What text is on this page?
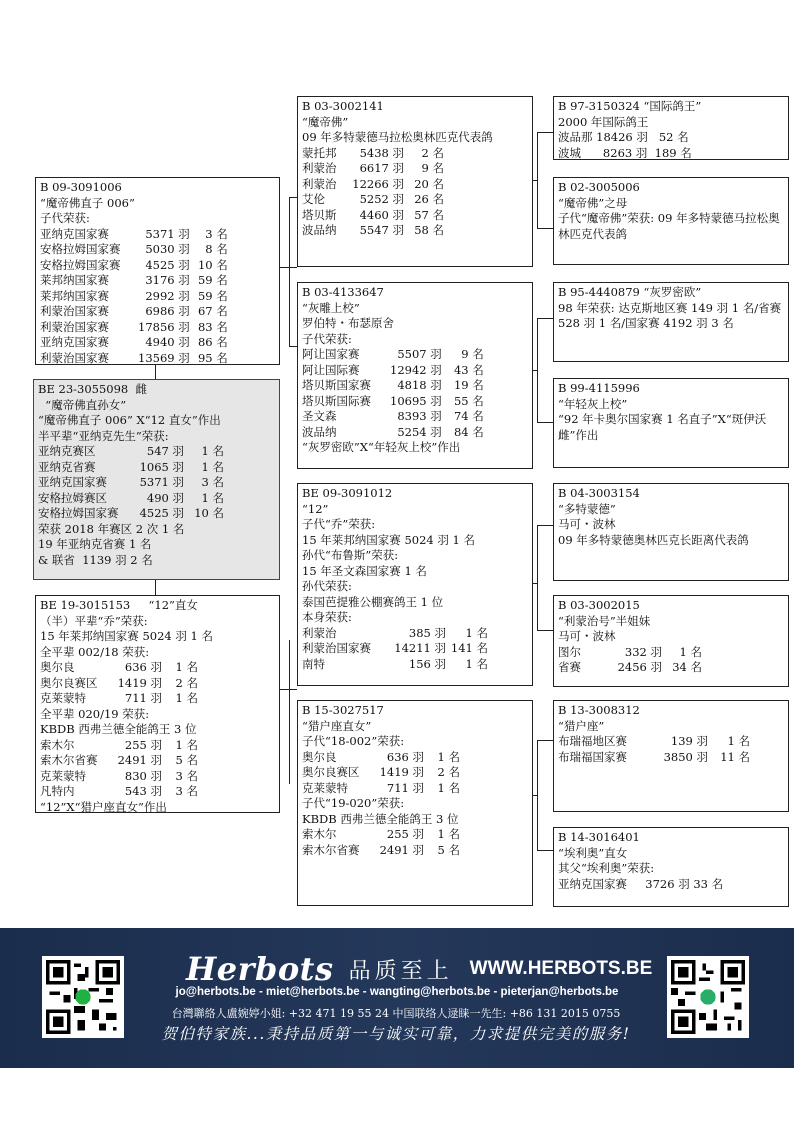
B 09-3091006
“魔帝佛直子 006”
子代荣获:
亚纳克国家赛	5371 羽	3 名
安格拉姆国家赛	5030 羽	8 名
安格拉姆国家赛	4525 羽	10 名
莱邦纳国家赛	3176 羽	59 名
莱邦纳国家赛	2992 羽	59 名
利蒙治国家赛	6986 羽	67 名
利蒙治国家赛	17856 羽	83 名
亚纳克国家赛	4940 羽	86 名
利蒙治国家赛	13569 羽	95 名
BE 23-3055098  雌
“魔帝佛直孙女”
“魔帝佛直子 006” X“12 直女”作出
半平辈“亚纳克先生”荣获:
亚纳克赛区	547 羽	1 名
亚纳克省赛	1065 羽	1 名
亚纳克国家赛	5371 羽	3 名
安格拉姆赛区	490 羽	1 名
安格拉姆国家赛	4525 羽	10 名
荣获 2018 年赛区 2 次 1 名
19 年亚纳克省赛 1 名
& 联省  1139 羽 2 名
BE 19-3015153     “12”直女
（半）平辈“乔”荣获:
15 年莱邦纳国家赛 5024 羽 1 名
全平辈 002/18 荣获:
奥尔良	636 羽	1 名
奥尔良赛区	1419 羽	2 名
克莱蒙特	711 羽	1 名
全平辈 020/19 荣获:
KBDB 西弗兰德全能鸽王 3 位
索木尔	255 羽	1 名
索木尔省赛	2491 羽	5 名
克莱蒙特	830 羽	3 名
凡特内	543 羽	3 名
“12”X“猎户座直女”作出
B 03-3002141
“魔帝佛”
09 年多特蒙德马拉松奥林匹克代表鸽
蒙托邦	5438 羽	2 名
利蒙治	6617 羽	9 名
利蒙治	12266 羽	20 名
艾伦	5252 羽	26 名
塔贝斯	4460 羽	57 名
波品纳	5547 羽	58 名
B 03-4133647
“灰雕上校”
罗伯特・布瑟原舍
子代荣获:
阿让国家赛	5507 羽	9 名
阿让国际赛	12942 羽	43 名
塔贝斯国家赛	4818 羽	19 名
塔贝斯国际赛	10695 羽	55 名
圣文森	8393 羽	74 名
波品纳	5254 羽	84 名
“灰罗密欧”X“年轻灰上校”作出
BE 09-3091012
“12”
子代“乔”荣获:
15 年莱邦纳国家赛 5024 羽 1 名
孙代“布鲁斯”荣获:
15 年圣文森国家赛 1 名
孙代荣获:
泰国芭提雅公棚赛鸽王 1 位
本身荣获:
利蒙治	385 羽	1 名
利蒙治国家赛	14211 羽	141 名
南特	156 羽	1 名
B 15-3027517
“猎户座直女”
子代“18-002”荣获:
奥尔良	636 羽	1 名
奥尔良赛区	1419 羽	2 名
克莱蒙特	711 羽	1 名
子代“19-020”荣获:
KBDB 西弗兰德全能鸽王 3 位
索木尔	255 羽	1 名
索木尔省赛	2491 羽	5 名
B 97-3150324 “国际鸽王”
2000 年国际鸽王
波品那 18426 羽   52 名
波城      8263 羽  189 名
B 02-3005006
“魔帝佛”之母
子代“魔帝佛”荣获: 09 年多特蒙德马拉松奥林匹克代表鸽
B 95-4440879 “灰罗密欧”
98 年荣获: 达克斯地区赛 149 羽 1 名/省赛 528 羽 1 名/国家赛 4192 羽 3 名
B 99-4115996
“年轻灰上校”
“92 年卡奥尔国家赛 1 名直子”X“斑伊沃雌”作出
B 04-3003154
“多特蒙德”
马可・波林
09 年多特蒙德奥林匹克长距离代表鸽
B 03-3002015
“利蒙治号”半姐妹
马可・波林
图尔	332 羽	1 名
省赛	2456 羽	34 名
B 13-3008312
“猎户座”
布瑞福地区赛	139 羽	1 名
布瑞福国家赛	3850 羽	11 名
B 14-3016401
“埃利奥”直女
其父“埃利奥”荣获:
亚纳克国家赛     3726 羽 33 名
Herbots 品质至上 WWW.HERBOTS.BE
jo@herbots.be - miet@herbots.be - wangting@herbots.be - pieterjan@herbots.be
台灣聯絡人盧婉婷小姐: +32 471 19 55 24 中国联络人逯睐一先生: +86 131 2015 0755
贺伯特家族...秉持品质第一与诚实可靠，力求提供完美的服务!
